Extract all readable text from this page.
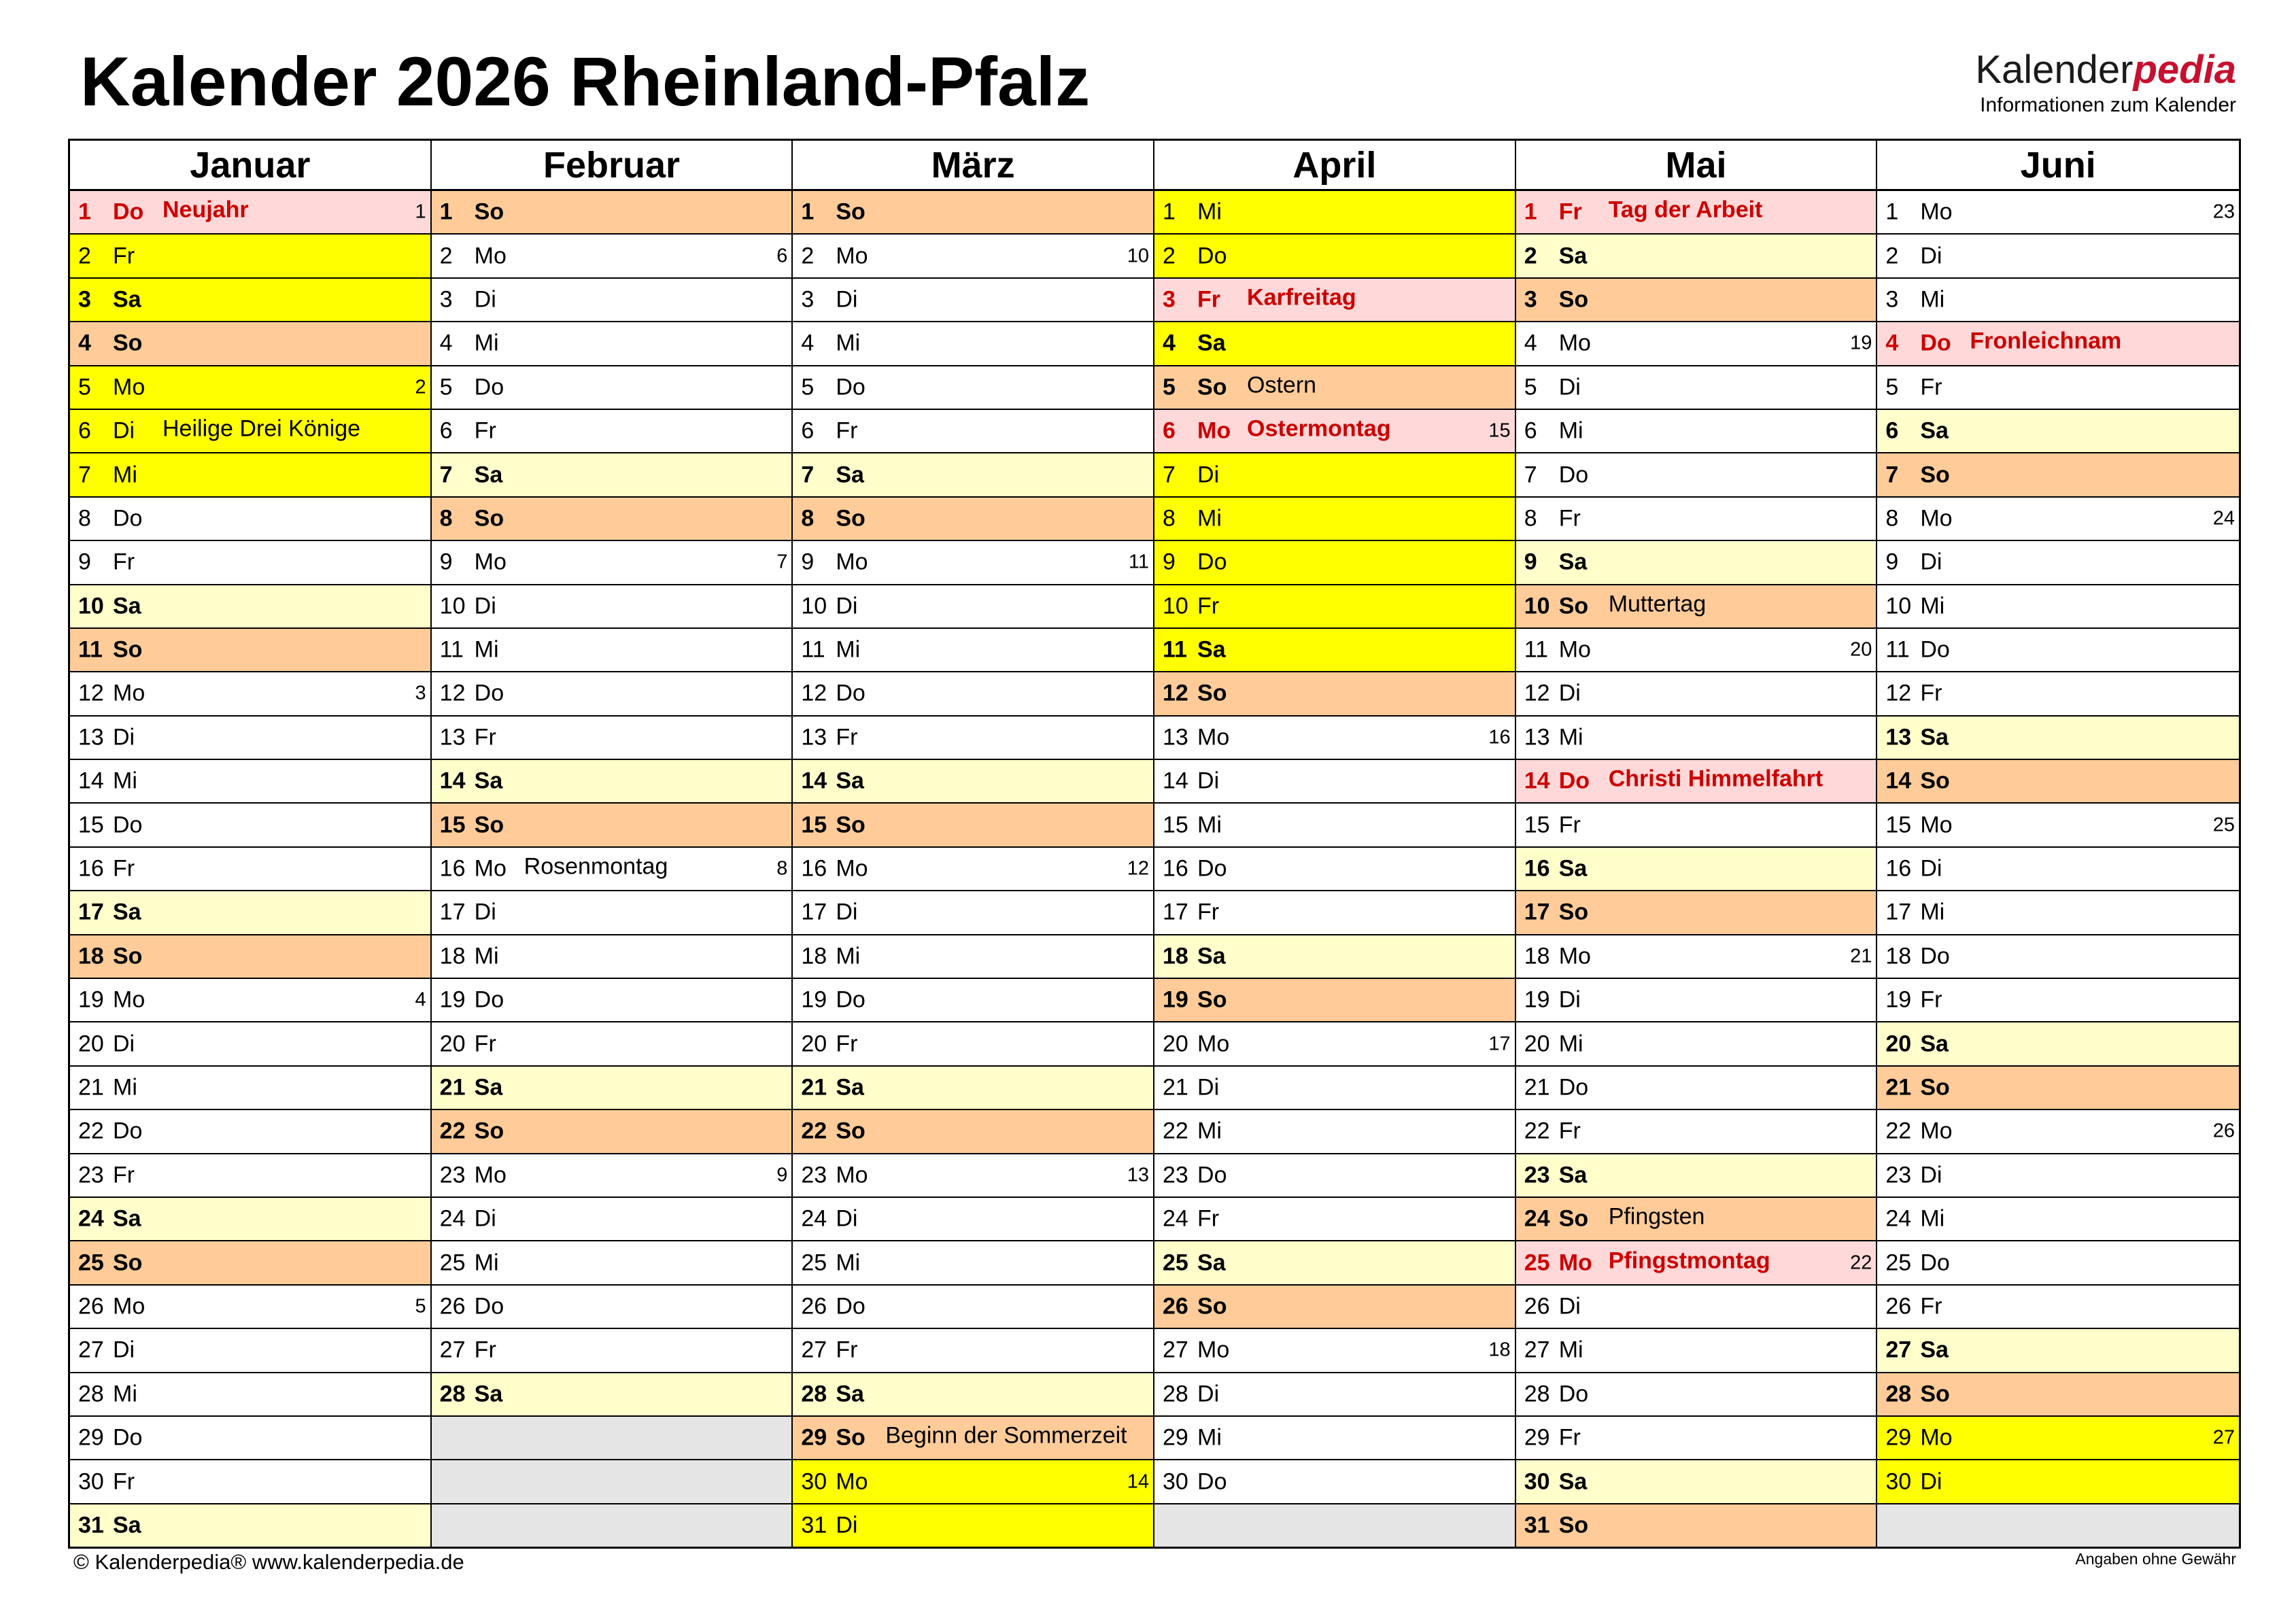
Kalender 2026 Rheinland-Pfalz	Kalenderpedia
Informationen zum Kalender
Januar
1 Do Neujahr	1
2 Fr
3 Sa
4 So
5 Mo	2
6 Di Heilige Drei Könige
7 Mi
8 Do
9 Fr
10 Sa
11 So
12 Mo	3
13 Di
14 Mi
15 Do
16 Fr
17 Sa
18 So
19 Mo	4
20 Di
21 Mi
22 Do
23 Fr
24 Sa
25 So
26 Mo	5
27 Di
28 Mi
29 Do
30 Fr
31 Sa
Februar
1 So
2 Mo	6
3 Di
4 Mi
5 Do
6 Fr
7 Sa
8 So
9 Mo	7
10 Di
11 Mi
12 Do
13 Fr
14 Sa
15 So
16 Mo Rosenmontag	8
17 Di
18 Mi
19 Do
20 Fr
21 Sa
22 So
23 Mo	9
24 Di
25 Mi
26 Do
27 Fr
28 Sa
März
1 So
2 Mo	10
3 Di
4 Mi
5 Do
6 Fr
7 Sa
8 So
9 Mo	11
10 Di
11 Mi
12 Do
13 Fr
14 Sa
15 So
16 Mo	12
17 Di
18 Mi
19 Do
20 Fr
21 Sa
22 So
23 Mo	13
24 Di
25 Mi
26 Do
27 Fr
28 Sa
29 So Beginn der Sommerzeit
30 Mo	14
31 Di
April
1 Mi
2 Do
3 Fr Karfreitag
4 Sa
5 So Ostern
6 Mo Ostermontag	15
7 Di
8 Mi
9 Do
10 Fr
11 Sa
12 So
13 Mo	16
14 Di
15 Mi
16 Do
17 Fr
18 Sa
19 So
20 Mo	17
21 Di
22 Mi
23 Do
24 Fr
25 Sa
26 So
27 Mo	18
28 Di
29 Mi
30 Do
Mai
1 Fr Tag der Arbeit
2 Sa
3 So
4 Mo	19
5 Di
6 Mi
7 Do
8 Fr
9 Sa
10 So Muttertag
11 Mo	20
12 Di
13 Mi
14 Do Christi Himmelfahrt
15 Fr
16 Sa
17 So
18 Mo	21
19 Di
20 Mi
21 Do
22 Fr
23 Sa
24 So Pfingsten
25 Mo Pfingstmontag	22
26 Di
27 Mi
28 Do
29 Fr
30 Sa
31 So
Juni
1 Mo	23
2 Di
3 Mi
4 Do Fronleichnam
5 Fr
6 Sa
7 So
8 Mo	24
9 Di
10 Mi
11 Do
12 Fr
13 Sa
14 So
15 Mo	25
16 Di
17 Mi
18 Do
19 Fr
20 Sa
21 So
22 Mo	26
23 Di
24 Mi
25 Do
26 Fr
27 Sa
28 So
29 Mo	27
30 Di
© Kalenderpedia® www.kalenderpedia.de	Angaben ohne Gewähr
